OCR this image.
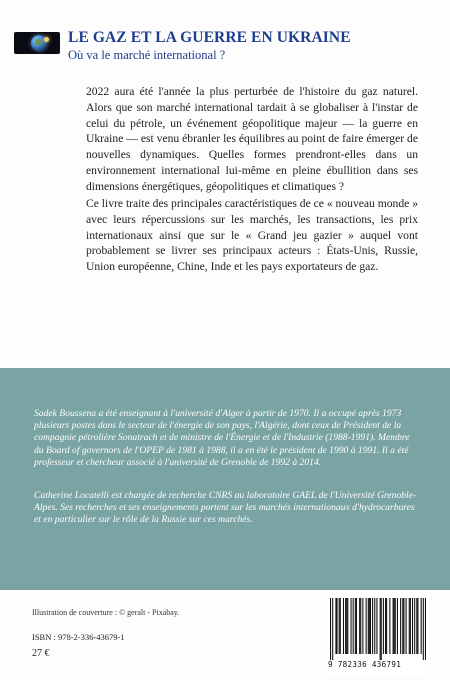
LE GAZ ET LA GUERRE EN UKRAINE
Où va le marché international ?

2022 aura été l'année la plus perturbée de l'histoire du gaz naturel. Alors que son marché international tardait à se globaliser à l'instar de celui du pétrole, un événement géopolitique majeur — la guerre en Ukraine — est venu ébranler les équilibres au point de faire émerger de nouvelles dynamiques. Quelles formes prendront-elles dans un environnement international lui-même en pleine ébullition dans ses dimensions énergétiques, géopolitiques et climatiques ?

Ce livre traite des principales caractéristiques de ce « nouveau monde » avec leurs répercussions sur les marchés, les transactions, les prix internationaux ainsi que sur le « Grand jeu gazier » auquel vont probablement se livrer ses principaux acteurs : États-Unis, Russie, Union européenne, Chine, Inde et les pays exportateurs de gaz.

Sadek Boussena a été enseignant à l'université d'Alger à partir de 1970. Il a occupé après 1973 plusieurs postes dans le secteur de l'énergie de son pays, l'Algérie, dont ceux de Président de la compagnie pétrolière Sonatrach et de ministre de l'Énergie et de l'Industrie (1988-1991). Membre du Board of governors de l'OPEP de 1981 à 1988, il a en été le président de 1990 à 1991. Il a été professeur et chercheur associé à l'université de Grenoble de 1992 à 2014.

Catherine Locatelli est chargée de recherche CNRS au laboratoire GAEL de l'Université Grenoble-Alpes. Ses recherches et ses enseignements portent sur les marchés internationaux d'hydrocarbures et en particulier sur le rôle de la Russie sur ces marchés.

Illustration de couverture : © geralt - Pixabay.
ISBN : 978-2-336-43679-1
27 €
9 782336 436791
